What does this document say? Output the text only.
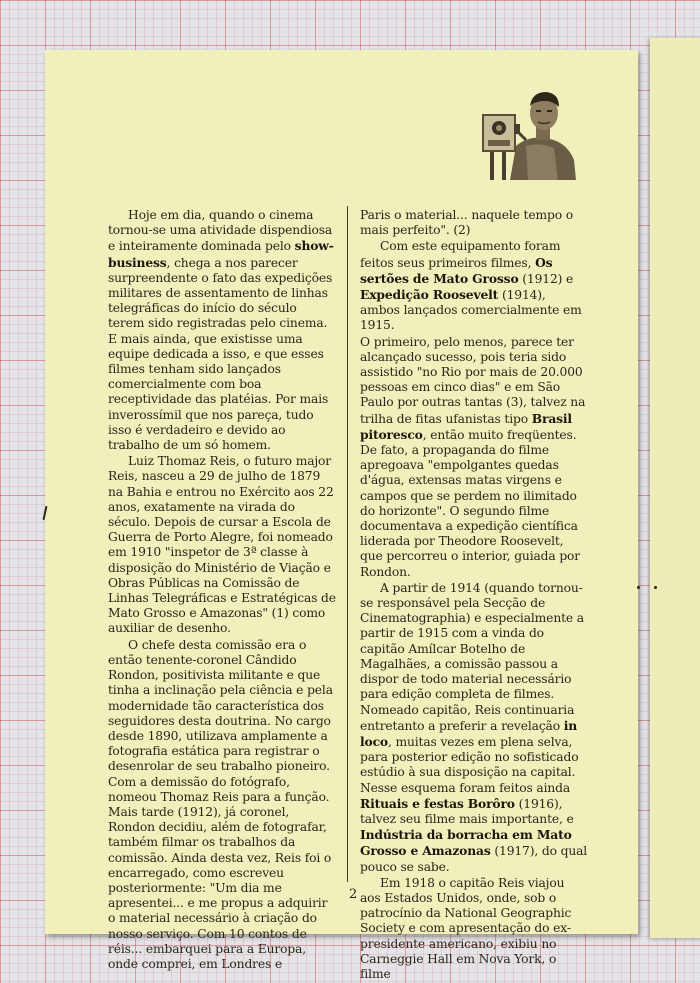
Hoje em dia, quando o cinema tornou-se uma atividade dispendiosa e inteiramente dominada pelo show-business, chega a nos parecer surpreendente o fato das expedições militares de assentamento de linhas telegráficas do início do século terem sido registradas pelo cinema. E mais ainda, que existisse uma equipe dedicada a isso, e que esses filmes tenham sido lançados comercialmente com boa receptividade das platéias. Por mais inverossímil que nos pareça, tudo isso é verdadeiro e devido ao trabalho de um só homem.

Luiz Thomaz Reis, o futuro major Reis, nasceu a 29 de julho de 1879 na Bahia e entrou no Exército aos 22 anos, exatamente na virada do século. Depois de cursar a Escola de Guerra de Porto Alegre, foi nomeado em 1910 "inspetor de 3ª classe à disposição do Ministério de Viação e Obras Públicas na Comissão de Linhas Telegráficas e Estratégicas de Mato Grosso e Amazonas" (1) como auxiliar de desenho.

O chefe desta comissão era o então tenente-coronel Cândido Rondon, positivista militante e que tinha a inclinação pela ciência e pela modernidade tão característica dos seguidores desta doutrina. No cargo desde 1890, utilizava amplamente a fotografia estática para registrar o desenrolar de seu trabalho pioneiro. Com a demissão do fotógrafo, nomeou Thomaz Reis para a função. Mais tarde (1912), já coronel, Rondon decidiu, além de fotografar, também filmar os trabalhos da comissão. Ainda desta vez, Reis foi o encarregado, como escreveu posteriormente: "Um dia me apresentei... e me propus a adquirir o material necessário à criação do nosso serviço. Com 10 contos de réis... embarquei para a Europa, onde comprei, em Londres e

Paris o material... naquele tempo o mais perfeito". (2)

Com este equipamento foram feitos seus primeiros filmes, Os sertões de Mato Grosso (1912) e Expedição Roosevelt (1914), ambos lançados comercialmente em 1915.

O primeiro, pelo menos, parece ter alcançado sucesso, pois teria sido assistido "no Rio por mais de 20.000 pessoas em cinco dias" e em São Paulo por outras tantas (3), talvez na trilha de fitas ufanistas tipo Brasil pitoresco, então muito freqüentes. De fato, a propaganda do filme apregoava "empolgantes quedas d'água, extensas matas virgens e campos que se perdem no ilimitado do horizonte". O segundo filme documentava a expedição científica liderada por Theodore Roosevelt, que percorreu o interior, guiada por Rondon.

A partir de 1914 (quando tornou-se responsável pela Secção de Cinematographia) e especialmente a partir de 1915 com a vinda do capitão Amílcar Botelho de Magalhães, a comissão passou a dispor de todo material necessário para edição completa de filmes. Nomeado capitão, Reis continuaria entretanto a preferir a revelação in loco, muitas vezes em plena selva, para posterior edição no sofisticado estúdio à sua disposição na capital. Nesse esquema foram feitos ainda Rituais e festas Borôro (1916), talvez seu filme mais importante, e Indústria da borracha em Mato Grosso e Amazonas (1917), do qual pouco se sabe.

Em 1918 o capitão Reis viajou aos Estados Unidos, onde, sob o patrocínio da National Geographic Society e com apresentação do ex-presidente americano, exibiu no Carneggie Hall em Nova York, o filme

2
